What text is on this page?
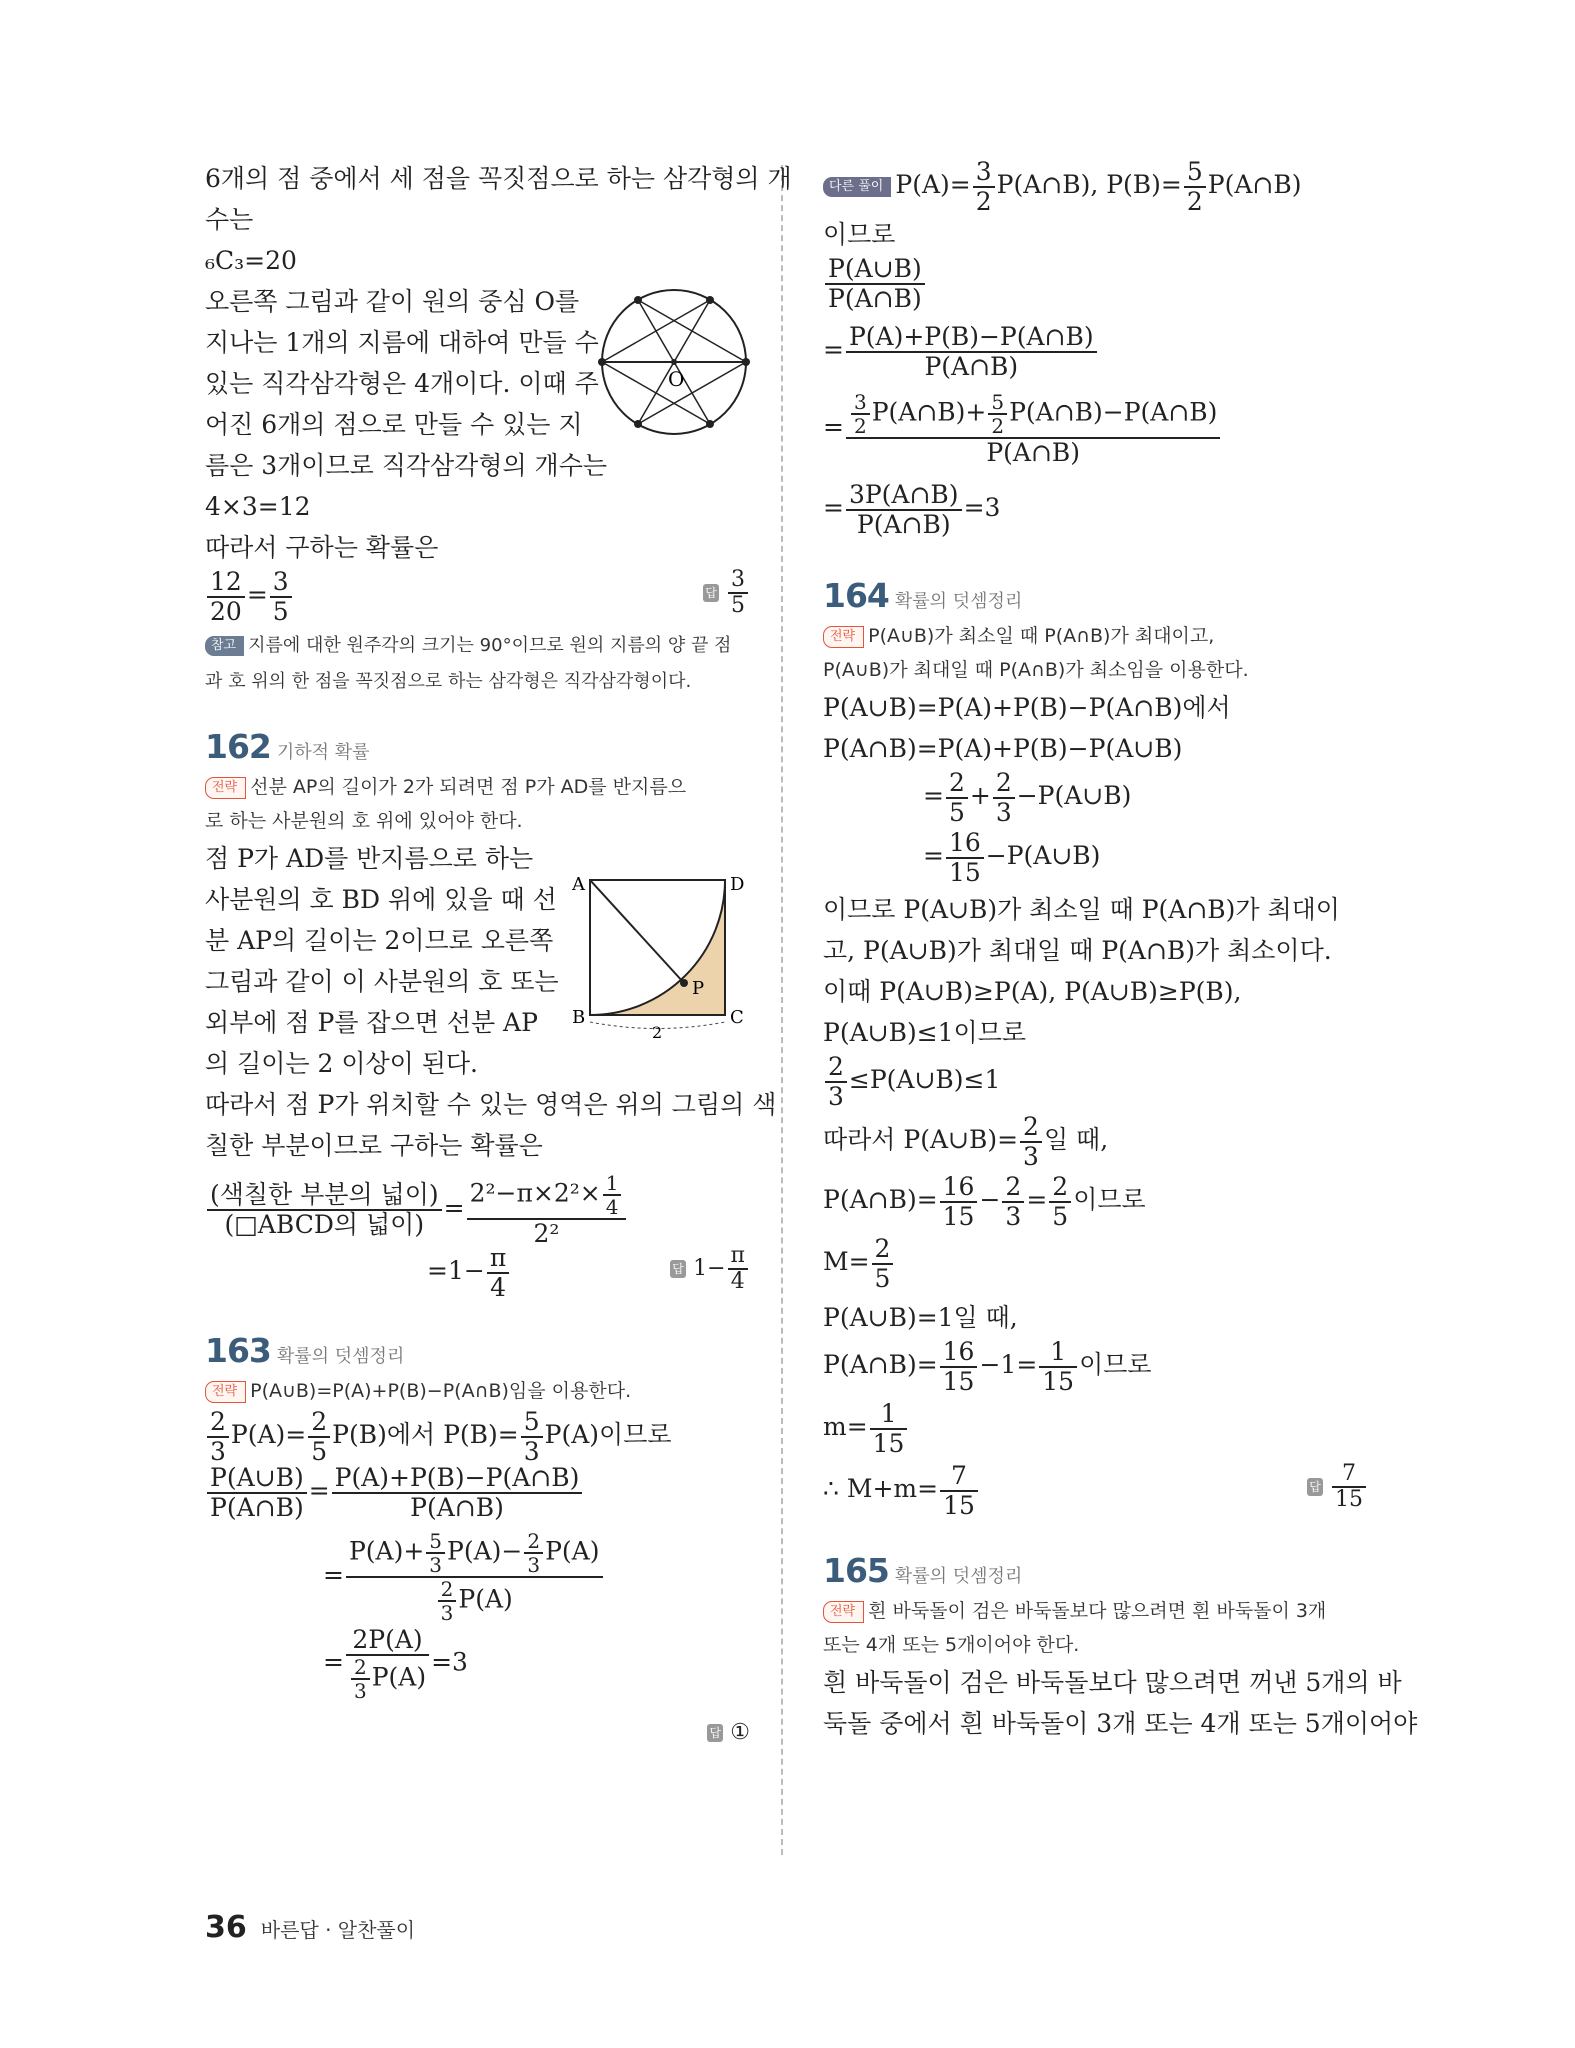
6개의 점 중에서 세 점을 꼭짓점으로 하는 삼각형의 개
수는
₆C₃=20
오른쪽 그림과 같이 원의 중심 O를
지나는 1개의 지름에 대하여 만들 수
있는 직각삼각형은 4개이다. 이때 주
어진 6개의 점으로 만들 수 있는 지
름은 3개이므로 직각삼각형의 개수는
4×3=12
따라서 구하는 확률은
$\frac{12}{20} = \frac{3}{5}$	답 $\frac{3}{5}$
참고 지름에 대한 원주각의 크기는 90°이므로 원의 지름의 양 끝 점
과 호 위의 한 점을 꼭짓점으로 하는 삼각형은 직각삼각형이다.
162 기하적 확률
전략 선분 AP의 길이가 2가 되려면 점 P가 AD를 반지름으
로 하는 사분원의 호 위에 있어야 한다.
점 P가 AD를 반지름으로 하는
사분원의 호 BD 위에 있을 때 선
분 AP의 길이는 2이므로 오른쪽
그림과 같이 이 사분원의 호 또는
외부에 점 P를 잡으면 선분 AP
의 길이는 2 이상이 된다.
따라서 점 P가 위치할 수 있는 영역은 위의 그림의 색
칠한 부분이므로 구하는 확률은
$\frac{\text{(색칠한 부분의 넓이)}}{\text{(□ABCD의 넓이)}} = \frac{2^2-\pi\times 2^2\times \frac{1}{4}}{\text{2²}}$
$=1- \frac{\pi}{4}$	답 $1- \frac{\pi}{4}$
163 확률의 덧셈정리
전략 P(A∪B)=P(A)+P(B)−P(A∩B)임을 이용한다.
$\frac{2}{3} P(A)= \frac{2}{5} P(B)$에서 $P(B)= \frac{5}{3} P(A)$이므로
$\frac{P(A\cup B)}{P(A\cap B)} = \frac{P(A)+P(B)-P(A\cap B)}{P(A\cap B)}$
= $\frac{P(A)+ \frac{5}{3} P(A)- \frac{2}{3} P(A)}{\frac{2}{3} P(A)}$
= $\frac{2P(A)}{\frac{2}{3} P(A)} =3$
답 ①
O
A	D
B	C
P
2
다른 풀이 $P(A)= \frac{3}{2}$ P(A∩B), $P(B)= \frac{5}{2}$ P(A∩B)
이므로
$\frac{P(A\cup B)}{P(A\cap B)}$
= $\frac{P(A)+P(B)-P(A\cap B)}{P(A\cap B)}$
= $\frac{\frac{3}{2} P(A\cap B)+ \frac{5}{2} P(A\cap B)-P(A\cap B)}{P(A\cap B)}$
= $\frac{3P(A\cap B)}{P(A\cap B)} =3$
164 확률의 덧셈정리
전략 P(A∪B)가 최소일 때 P(A∩B)가 최대이고,
P(A∪B)가 최대일 때 P(A∩B)가 최소임을 이용한다.
P(A∪B)=P(A)+P(B)−P(A∩B)에서
P(A∩B)=P(A)+P(B)−P(A∪B)
= $\frac{2}{5} + \frac{2}{3}$ −P(A∪B)
= $\frac{16}{15}$ −P(A∪B)
이므로 P(A∪B)가 최소일 때 P(A∩B)가 최대이
고, P(A∪B)가 최대일 때 P(A∩B)가 최소이다.
이때 P(A∪B)≥P(A), P(A∪B)≥P(B),
P(A∪B)≤1이므로
$\frac{2}{3}$ ≤P(A∪B)≤1
따라서 P(A∪B)= $\frac{2}{3}$ 일 때,
P(A∩B)= $\frac{16}{15} - \frac{2}{3} = \frac{2}{5}$ 이므로
$M= \frac{2}{5}$
P(A∪B)=1일 때,
P(A∩B)= $\frac{16}{15} -1= \frac{1}{15}$ 이므로
$m= \frac{1}{15}$
∴ $M+m= \frac{7}{15}$	답 $\frac{7}{15}$
165 확률의 덧셈정리
전략 흰 바둑돌이 검은 바둑돌보다 많으려면 흰 바둑돌이 3개
또는 4개 또는 5개이어야 한다.
흰 바둑돌이 검은 바둑돌보다 많으려면 꺼낸 5개의 바
둑돌 중에서 흰 바둑돌이 3개 또는 4개 또는 5개이어야
36 바른답 · 알찬풀이
